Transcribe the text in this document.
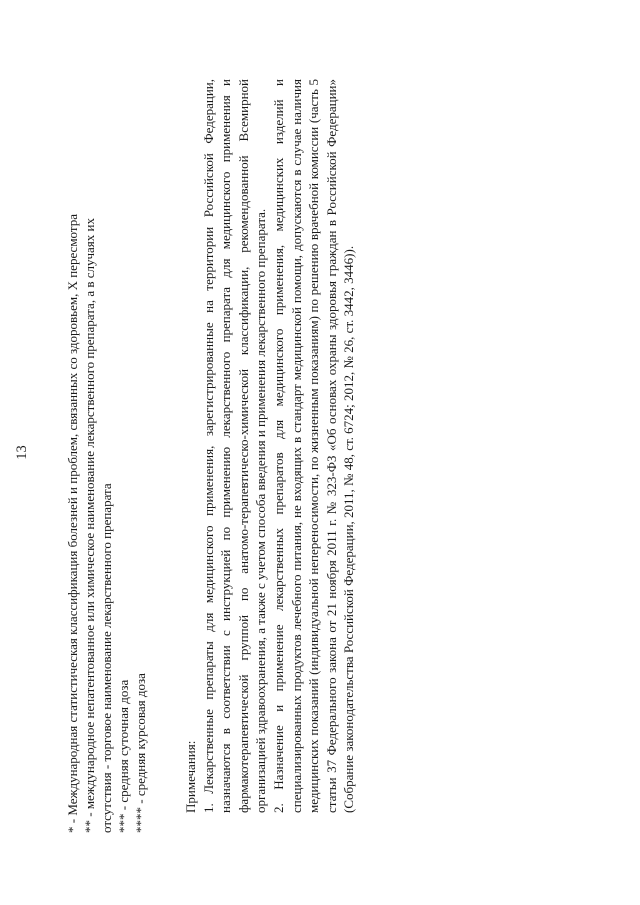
13	* - Международная статистическая классификация болезней и проблем, связанных со здоровьем, X пересмотра ** - международное непатентованное или химическое наименование лекарственного препарата, а в случаях их отсутствия - торговое наименование лекарственного препарата *** - средняя суточная доза **** - средняя курсовая доза	Примечания: 1. Лекарственные препараты для медицинского применения, зарегистрированные на территории Российской Федерации, назначаются в соответствии с инструкцией по применению лекарственного препарата для медицинского применения и фармакотерапевтической группой по анатомо-терапевтическо-химической классификации, рекомендованной Всемирной организацией здравоохранения, а также с учетом способа введения и применения лекарственного препарата. 2. Назначение и применение лекарственных препаратов для медицинского применения, медицинских изделий и специализированных продуктов лечебного питания, не входящих в стандарт медицинской помощи, допускаются в случае наличия медицинских показаний (индивидуальной непереносимости, по жизненным показаниям) по решению врачебной комиссии (часть 5 статьи 37 Федерального закона от 21 ноября 2011 г. № 323-ФЗ «Об основах охраны здоровья граждан в Российской Федерации» (Собрание законодательства Российской Федерации, 2011, № 48, ст. 6724; 2012, № 26, ст. 3442, 3446)).
